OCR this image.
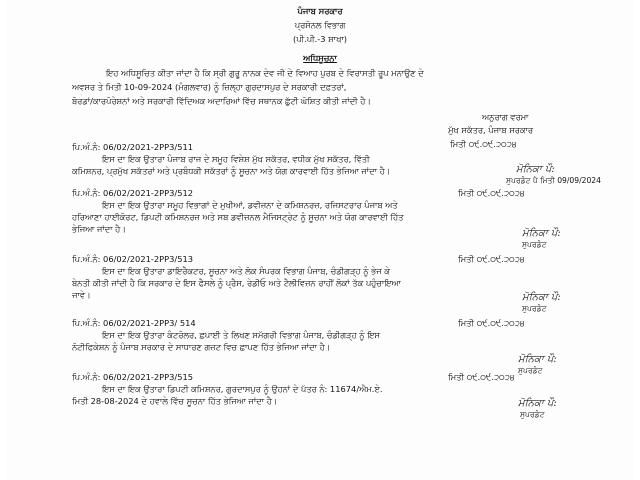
ਪੰਜਾਬ ਸਰਕਾਰ
ਪ੍ਰਸੋਨਲ ਵਿਭਾਗ
(ਪੀ.ਪੀ.-3 ਸ਼ਾਖਾ)
ਅਧਿਸੂਚਨਾ
ਇਹ ਅਧਿਸੂਚਿਤ ਕੀਤਾ ਜਾਂਦਾ ਹੈ ਕਿ ਸ੍ਰੀ ਗੁਰੂ ਨਾਨਕ ਦੇਵ ਜੀ ਦੇ ਵਿਆਹ ਪੁਰਬ ਦੇ ਵਿਰਾਸਤੀ ਰੂਪ ਮਨਾਉਣ ਦੇ
ਅਵਸਰ ਤੇ ਮਿਤੀ 10-09-2024 (ਮੰਗਲਵਾਰ) ਨੂੰ ਜ਼ਿਲ੍ਹਾ ਗੁਰਦਾਸਪੁਰ ਦੇ ਸਰਕਾਰੀ ਦਫ਼ਤਰਾਂ,
ਬੋਰਡਾਂ/ਕਾਰਪੋਰੇਸ਼ਨਾਂ ਅਤੇ ਸਰਕਾਰੀ ਵਿੱਦਿਅਕ ਅਦਾਰਿਆਂ ਵਿੱਚ ਸਥਾਨਕ ਛੁੱਟੀ ਘੋਸ਼ਿਤ ਕੀਤੀ ਜਾਂਦੀ ਹੈ।
ਅਨੁਰਾਗ ਵਰਮਾ
ਮੁੱਖ ਸਕੱਤਰ, ਪੰਜਾਬ ਸਰਕਾਰ
ਮਿਤੀ ੦੯.੦੯.੨੦੨੪
ਪਿ.ਅੰ.ਨੰ: 06/02/2021-2PP3/511
ਇਸ ਦਾ ਇਕ ਉਤਾਰਾ ਪੰਜਾਬ ਰਾਜ ਦੇ ਸਮੂਹ ਵਿਸ਼ੇਸ਼ ਮੁੱਖ ਸਕੱਤਰ, ਵਧੀਕ ਮੁੱਖ ਸਕੱਤਰ, ਵਿੱਤੀ
ਕਮਿਸ਼ਨਰ, ਪ੍ਰਮੁੱਖ ਸਕੱਤਰਾਂ ਅਤੇ ਪ੍ਰਬੰਧਕੀ ਸਕੱਤਰਾਂ ਨੂੰ ਸੂਚਨਾ ਅਤੇ ਯੋਗ ਕਾਰਵਾਈ ਹਿੱਤ ਭੇਜਿਆ ਜਾਂਦਾ ਹੈ।	ਮੋਨਿਕਾ ਪੌ:
ਸੁਪਰਡੰਟ ਪੈ ਮਿਤੀ 09/09/2024
ਪਿ.ਅੰ.ਨੰ: 06/02/2021-2PP3/512	ਮਿਤੀ ੦੯.੦੯.੨੦੨੪
ਇਸ ਦਾ ਇਕ ਉਤਾਰਾ ਸਮੂਹ ਵਿਭਾਗਾਂ ਦੇ ਮੁਖੀਆਂ, ਡਵੀਜ਼ਨਾ ਦੇ ਕਮਿਸ਼ਨਰਜ਼, ਰਜਿਸਟਰਾਰ ਪੰਜਾਬ ਅਤੇ
ਹਰਿਆਣਾ ਹਾਈਕੋਰਟ, ਡਿਪਟੀ ਕਮਿਸ਼ਨਰਜ਼ ਅਤੇ ਸਬ ਡਵੀਜ਼ਨਲ ਮੈਜਿਸਟ੍ਰੇਟ ਨੂੰ ਸੂਚਨਾ ਅਤੇ ਯੋਗ ਕਾਰਵਾਈ ਹਿੱਤ
ਭੇਜਿਆ ਜਾਂਦਾ ਹੈ।	ਮੋਨਿਕਾ ਪੌ:
ਸੁਪਰਡੰਟ
ਪਿ.ਅੰ.ਨੰ: 06/02/2021-2PP3/513	ਮਿਤੀ ੦੯.੦੯.੨੦੨੪
ਇਸ ਦਾ ਇਕ ਉਤਾਰਾ ਡਾਇਰੈਕਟਰ, ਸੂਚਨਾ ਅਤੇ ਲੋਕ ਸੰਪਰਕ ਵਿਭਾਗ ਪੰਜਾਬ, ਚੰਡੀਗੜ੍ਹ ਨੂੰ ਭੇਜ ਕੇ
ਬੇਨਤੀ ਕੀਤੀ ਜਾਂਦੀ ਹੈ ਕਿ ਸਰਕਾਰ ਦੇ ਇਸ ਫੈਸਲੇ ਨੂੰ ਪ੍ਰੈਸ, ਰੇਡੀਓ ਅਤੇ ਟੈਲੀਵਿਜ਼ਨ ਰਾਹੀਂ ਲੋਕਾਂ ਤੱਕ ਪਹੁੰਚਾਇਆ
ਜਾਵੇ।	ਮੋਨਿਕਾ ਪੌ:
ਸੁਪਰਡੰਟ
ਪਿ.ਅੰ.ਨੰ: 06/02/2021-2PP3/ 514	ਮਿਤੀ ੦੯.੦੯.੨੦੨੪
ਇਸ ਦਾ ਇਕ ਉਤਾਰਾ ਕੰਟਰੋਲਰ, ਛਪਾਈ ਤੇ ਲਿਖਣ ਸਮੱਗਰੀ ਵਿਭਾਗ ਪੰਜਾਬ, ਚੰਡੀਗੜ੍ਹ ਨੂੰ ਇਸ
ਨੋਟੀਫਿਕੇਸ਼ਨ ਨੂੰ ਪੰਜਾਬ ਸਰਕਾਰ ਦੇ ਸਾਧਾਰਣ ਗਜ਼ਟ ਵਿਚ ਛਾਪਣ ਹਿੱਤ ਭੇਜਿਆ ਜਾਂਦਾ ਹੈ।
ਮੋਨਿਕਾ ਪੌ:
ਸੁਪਰਡੰਟ
ਪਿ.ਅੰ.ਨੰ: 06/02/2021-2PP3/515	ਮਿਤੀ ੦੯.੦੯.੨੦੨੪
ਇਸ ਦਾ ਇਕ ਉਤਾਰਾ ਡਿਪਟੀ ਕਮਿਸ਼ਨਰ, ਗੁਰਦਾਸਪੁਰ ਨੂੰ ਉਹਨਾਂ ਦੇ ਪੱਤਰ ਨੰ: 11674/ਐਮ.ਏ.
ਮਿਤੀ 28-08-2024 ਦੇ ਹਵਾਲੇ ਵਿੱਚ ਸੂਚਨਾ ਹਿੱਤ ਭੇਜਿਆ ਜਾਂਦਾ ਹੈ।	ਮੋਨਿਕਾ ਪੌ:
ਸੁਪਰਡੰਟ
